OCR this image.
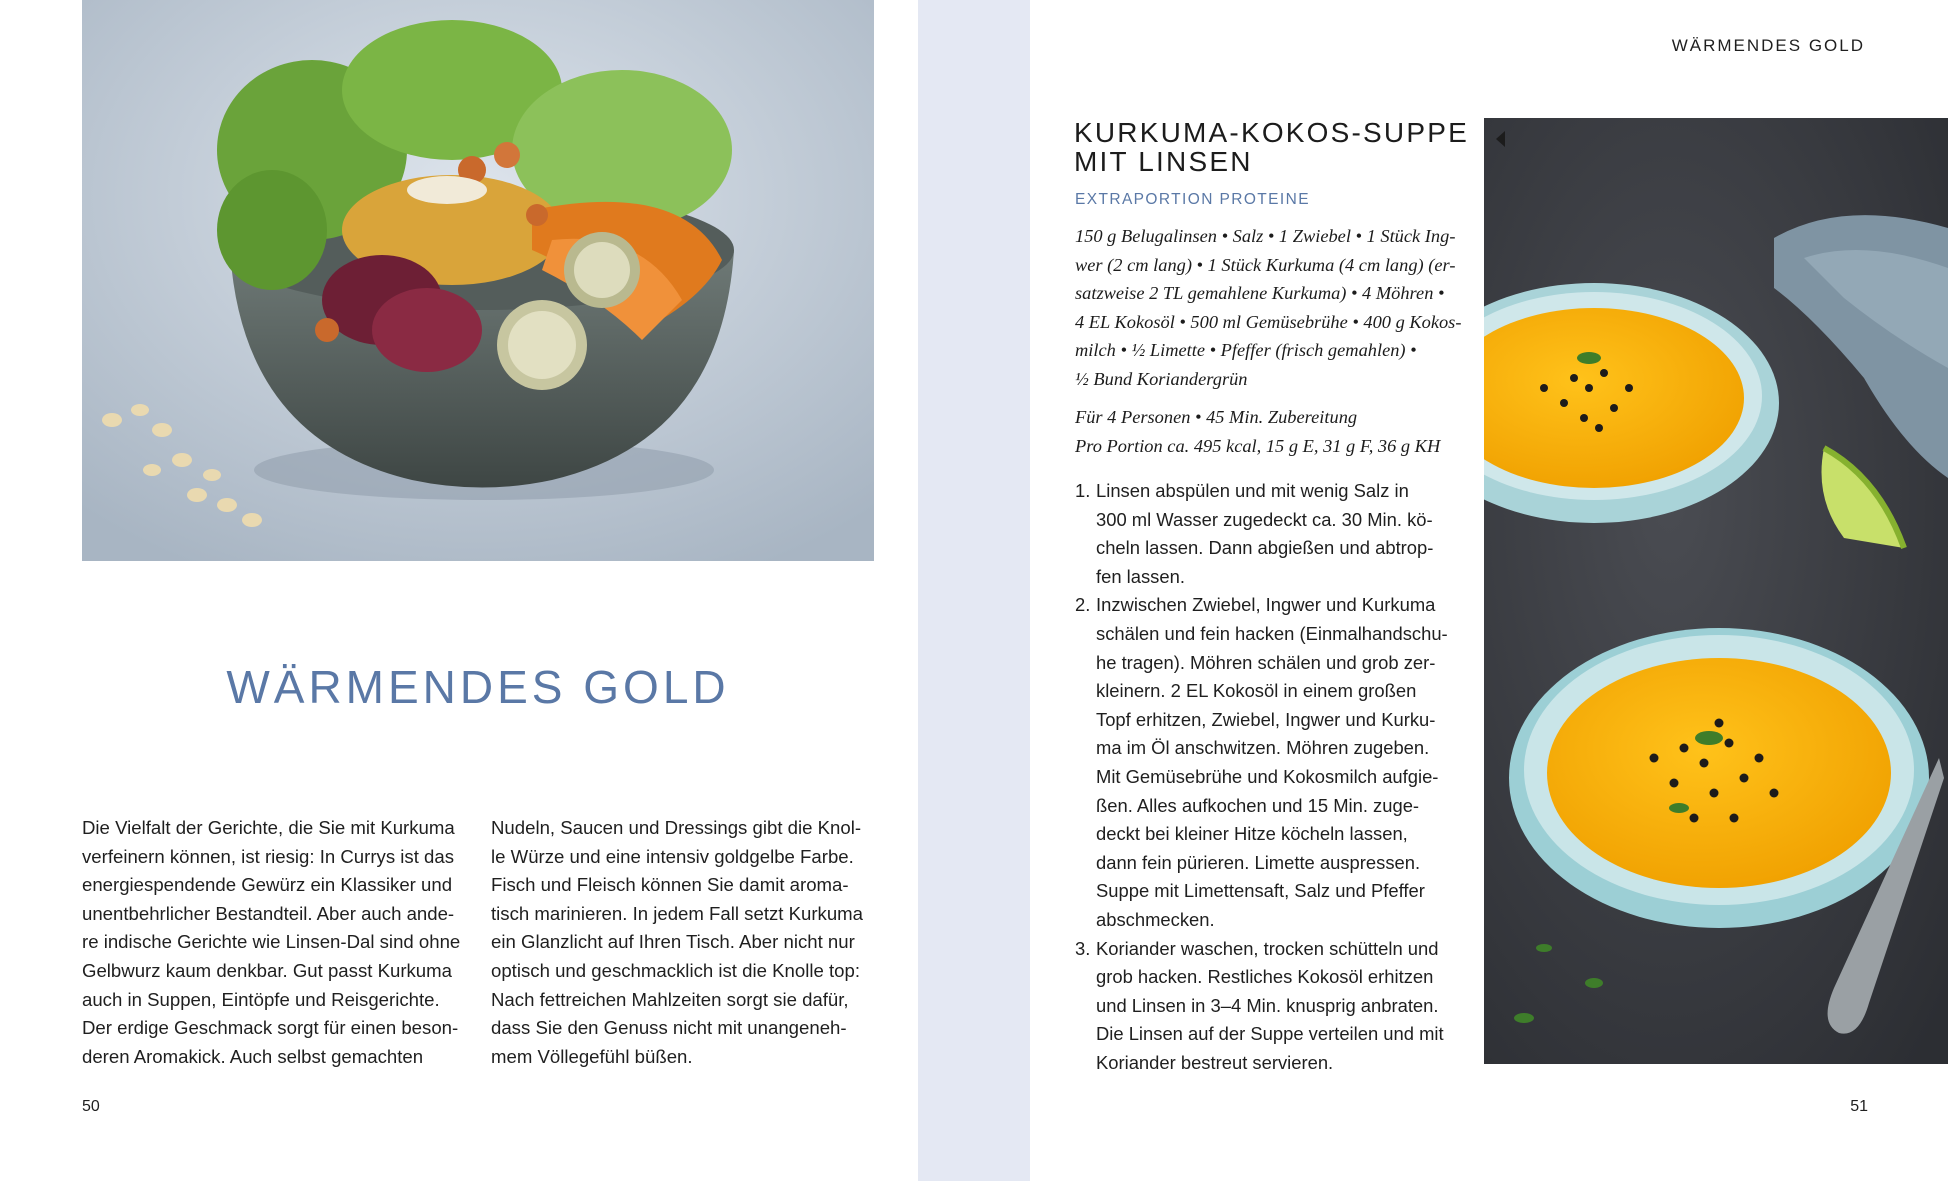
WÄRMENDES GOLD

Die Vielfalt der Gerichte, die Sie mit Kurkuma
verfeinern können, ist riesig: In Currys ist das
energiespendende Gewürz ein Klassiker und
unentbehrlicher Bestandteil. Aber auch ande-
re indische Gerichte wie Linsen-Dal sind ohne
Gelbwurz kaum denkbar. Gut passt Kurkuma
auch in Suppen, Eintöpfe und Reisgerichte.
Der erdige Geschmack sorgt für einen beson-
deren Aromakick. Auch selbst gemachten

Nudeln, Saucen und Dressings gibt die Knol-
le Würze und eine intensiv goldgelbe Farbe.
Fisch und Fleisch können Sie damit aroma-
tisch marinieren. In jedem Fall setzt Kurkuma
ein Glanzlicht auf Ihren Tisch. Aber nicht nur
optisch und geschmacklich ist die Knolle top:
Nach fettreichen Mahlzeiten sorgt sie dafür,
dass Sie den Genuss nicht mit unangeneh-
mem Völlegefühl büßen.

50
WÄRMENDES GOLD
KURKUMA-KOKOS-SUPPE
MIT LINSEN
EXTRAPORTION PROTEINE

150 g Belugalinsen • Salz • 1 Zwiebel • 1 Stück Ing-
wer (2 cm lang) • 1 Stück Kurkuma (4 cm lang) (er-
satzweise 2 TL gemahlene Kurkuma) • 4 Möhren •
4 EL Kokosöl • 500 ml Gemüsebrühe • 400 g Kokos-
milch • ½ Limette • Pfeffer (frisch gemahlen) •
½ Bund Koriandergrün

Für 4 Personen • 45 Min. Zubereitung
Pro Portion ca. 495 kcal, 15 g E, 31 g F, 36 g KH

1. Linsen abspülen und mit wenig Salz in
300 ml Wasser zugedeckt ca. 30 Min. kö-
cheln lassen. Dann abgießen und abtrop-
fen lassen.
2. Inzwischen Zwiebel, Ingwer und Kurkuma
schälen und fein hacken (Einmalhandschu-
he tragen). Möhren schälen und grob zer-
kleinern. 2 EL Kokosöl in einem großen
Topf erhitzen, Zwiebel, Ingwer und Kurku-
ma im Öl anschwitzen. Möhren zugeben.
Mit Gemüsebrühe und Kokosmilch aufgie-
ßen. Alles aufkochen und 15 Min. zuge-
deckt bei kleiner Hitze köcheln lassen,
dann fein pürieren. Limette auspressen.
Suppe mit Limettensaft, Salz und Pfeffer
abschmecken.
3. Koriander waschen, trocken schütteln und
grob hacken. Restliches Kokosöl erhitzen
und Linsen in 3–4 Min. knusprig anbraten.
Die Linsen auf der Suppe verteilen und mit
Koriander bestreut servieren.
51
